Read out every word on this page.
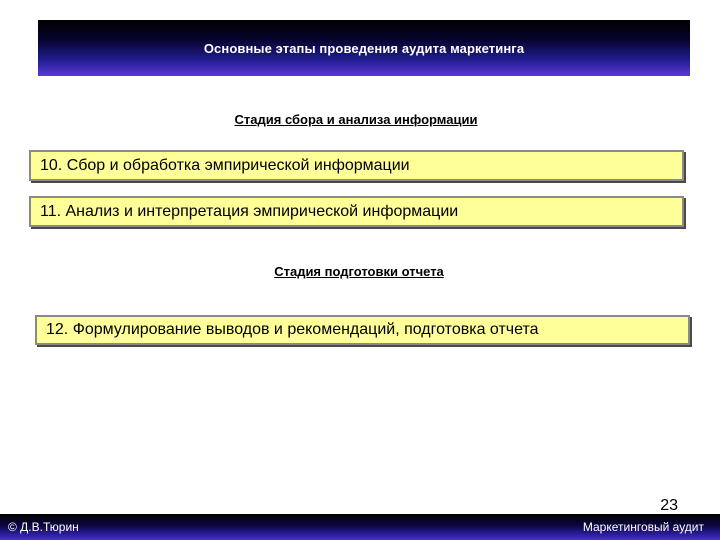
Основные этапы проведения аудита маркетинга
Стадия сбора и анализа информации
10. Сбор и обработка эмпирической информации
11. Анализ и интерпретация эмпирической информации
Стадия подготовки отчета
12. Формулирование выводов и рекомендаций, подготовка отчета
23
© Д.В.Тюрин	Маркетинговый аудит
